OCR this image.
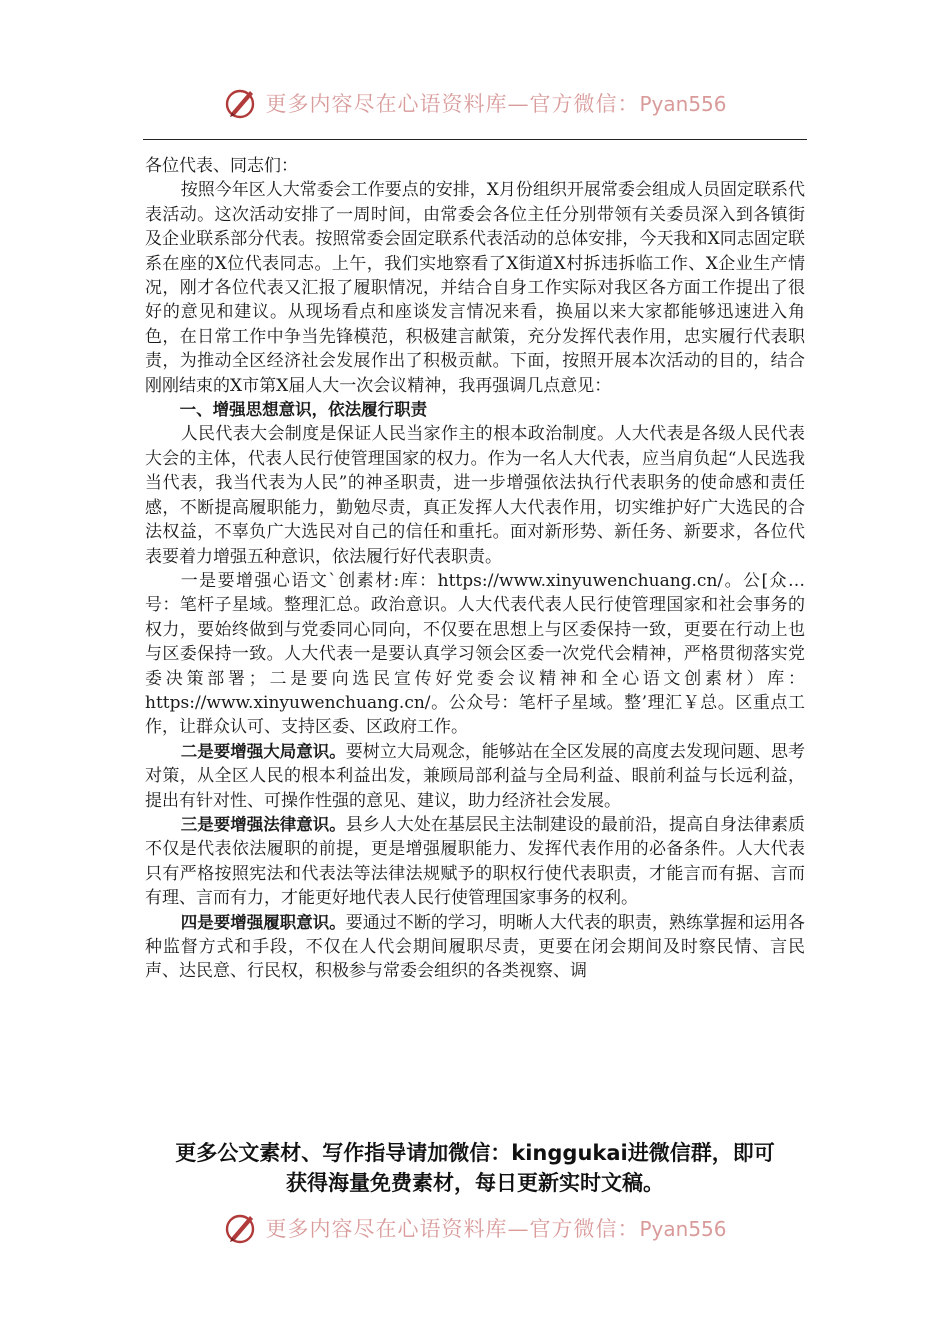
更多内容尽在心语资料库—官方微信：Pyan556

各位代表、同志们：

按照今年区人大常委会工作要点的安排，X月份组织开展常委会组成人员固定联系代表活动。这次活动安排了一周时间，由常委会各位主任分别带领有关委员深入到各镇街及企业联系部分代表。按照常委会固定联系代表活动的总体安排，今天我和X同志固定联系在座的X位代表同志。上午，我们实地察看了X街道X村拆违拆临工作、X企业生产情况，刚才各位代表又汇报了履职情况，并结合自身工作实际对我区各方面工作提出了很好的意见和建议。从现场看点和座谈发言情况来看，换届以来大家都能够迅速进入角色，在日常工作中争当先锋模范，积极建言献策，充分发挥代表作用，忠实履行代表职责，为推动全区经济社会发展作出了积极贡献。下面，按照开展本次活动的目的，结合刚刚结束的X市第X届人大一次会议精神，我再强调几点意见：

一、增强思想意识，依法履行职责

人民代表大会制度是保证人民当家作主的根本政治制度。人大代表是各级人民代表大会的主体，代表人民行使管理国家的权力。作为一名人大代表，应当肩负起“人民选我当代表，我当代表为人民”的神圣职责，进一步增强依法执行代表职务的使命感和责任感，不断提高履职能力，勤勉尽责，真正发挥人大代表作用，切实维护好广大选民的合法权益，不辜负广大选民对自己的信任和重托。面对新形势、新任务、新要求，各位代表要着力增强五种意识，依法履行好代表职责。

一是要增强心语文`创素材:库：https://www.xinyuwenchuang.cn/。公[众…号：笔杆子星域。整理汇总。政治意识。人大代表代表人民行使管理国家和社会事务的权力，要始终做到与党委同心同向，不仅要在思想上与区委保持一致，更要在行动上也与区委保持一致。人大代表一是要认真学习领会区委一次党代会精神，严格贯彻落实党委决策部署；二是要向选民宣传好党委会议精神和全心语文创素材）库：https://www.xinyuwenchuang.cn/。公众号：笔杆子星域。整’理汇￥总。区重点工作，让群众认可、支持区委、区政府工作。

二是要增强大局意识。要树立大局观念，能够站在全区发展的高度去发现问题、思考对策，从全区人民的根本利益出发，兼顾局部利益与全局利益、眼前利益与长远利益，提出有针对性、可操作性强的意见、建议，助力经济社会发展。

三是要增强法律意识。县乡人大处在基层民主法制建设的最前沿，提高自身法律素质不仅是代表依法履职的前提，更是增强履职能力、发挥代表作用的必备条件。人大代表只有严格按照宪法和代表法等法律法规赋予的职权行使代表职责，才能言而有据、言而有理、言而有力，才能更好地代表人民行使管理国家事务的权利。

四是要增强履职意识。要通过不断的学习，明晰人大代表的职责，熟练掌握和运用各种监督方式和手段，不仅在人代会期间履职尽责，更要在闭会期间及时察民情、言民声、达民意、行民权，积极参与常委会组织的各类视察、调

更多公文素材、写作指导请加微信：kinggukai进微信群，即可
获得海量免费素材，每日更新实时文稿。
更多内容尽在心语资料库—官方微信：Pyan556
